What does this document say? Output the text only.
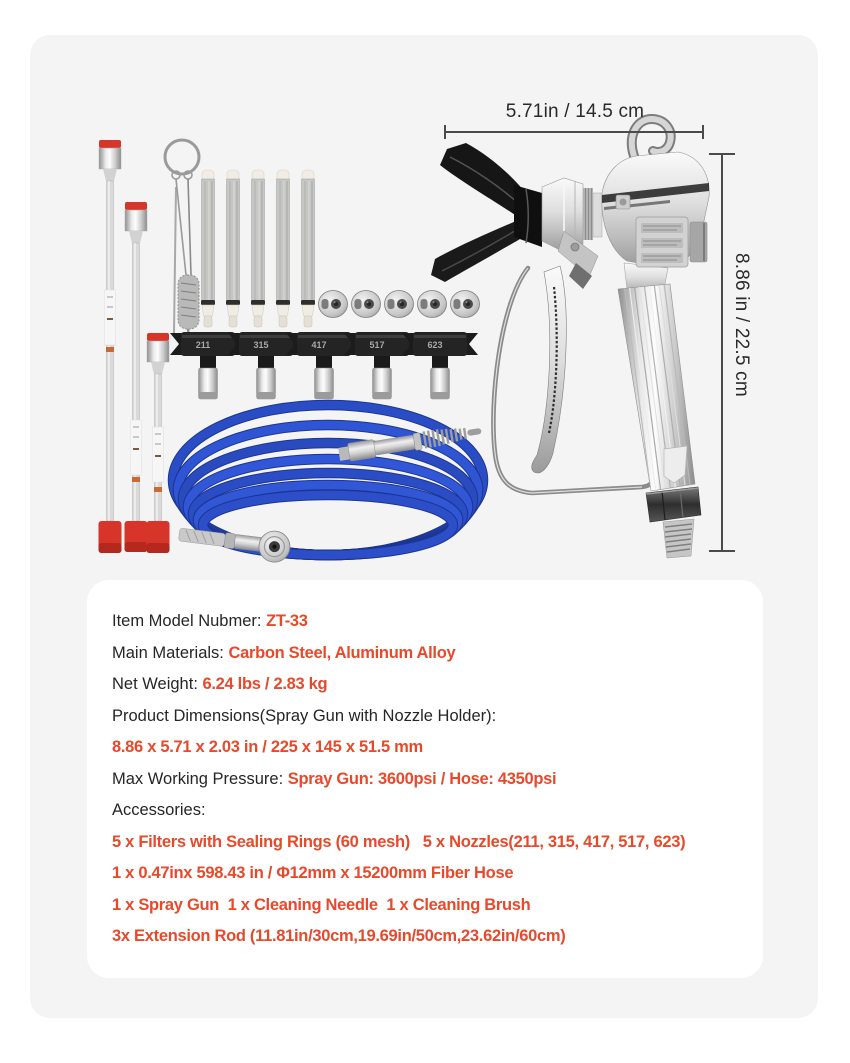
211	315	417	517	623
5.71in / 14.5 cm
8.86 in / 22.5 cm
Item Model Nubmer: ZT-33
Main Materials: Carbon Steel, Aluminum Alloy
Net Weight: 6.24 lbs / 2.83 kg
Product Dimensions(Spray Gun with Nozzle Holder):
8.86 x 5.71 x 2.03 in / 225 x 145 x 51.5 mm
Max Working Pressure: Spray Gun: 3600psi / Hose: 4350psi
Accessories:
5 x Filters with Sealing Rings (60 mesh)   5 x Nozzles(211, 315, 417, 517, 623)
1 x 0.47inx 598.43 in / Φ12mm x 15200mm Fiber Hose
1 x Spray Gun  1 x Cleaning Needle  1 x Cleaning Brush
3x Extension Rod (11.81in/30cm,19.69in/50cm,23.62in/60cm)
